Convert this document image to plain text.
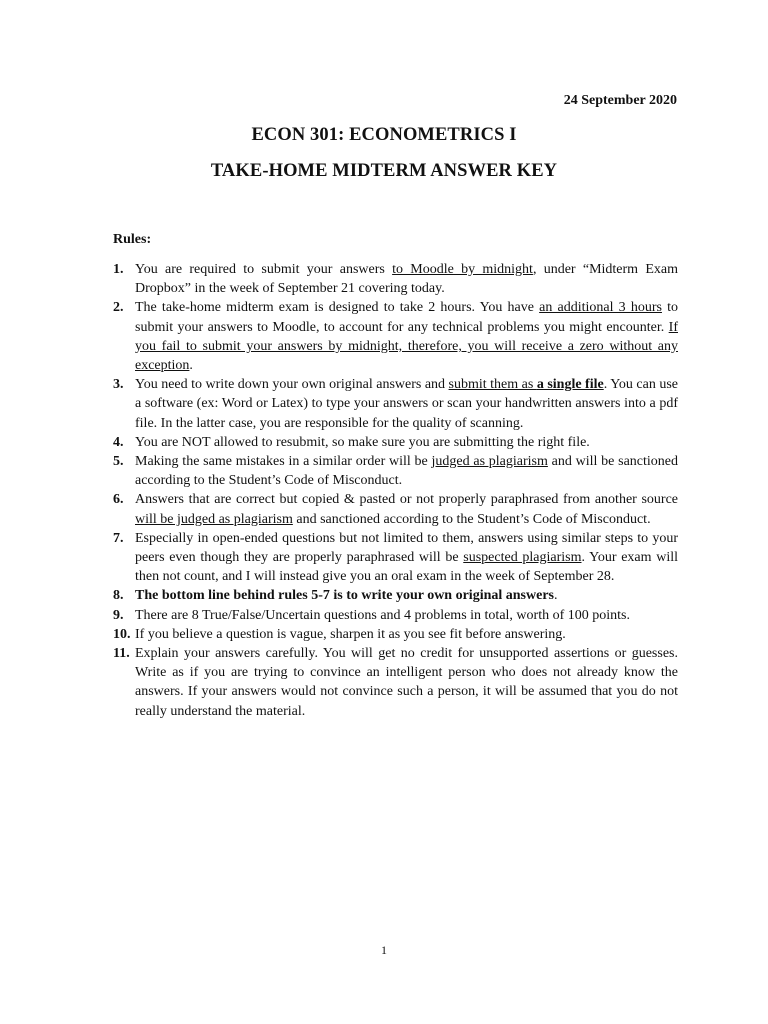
24 September 2020
ECON 301: ECONOMETRICS I
TAKE-HOME MIDTERM ANSWER KEY
Rules:
1. You are required to submit your answers to Moodle by midnight, under “Midterm Exam Dropbox” in the week of September 21 covering today.
2. The take-home midterm exam is designed to take 2 hours. You have an additional 3 hours to submit your answers to Moodle, to account for any technical problems you might encounter. If you fail to submit your answers by midnight, therefore, you will receive a zero without any exception.
3. You need to write down your own original answers and submit them as a single file. You can use a software (ex: Word or Latex) to type your answers or scan your handwritten answers into a pdf file. In the latter case, you are responsible for the quality of scanning.
4. You are NOT allowed to resubmit, so make sure you are submitting the right file.
5. Making the same mistakes in a similar order will be judged as plagiarism and will be sanctioned according to the Student’s Code of Misconduct.
6. Answers that are correct but copied & pasted or not properly paraphrased from another source will be judged as plagiarism and sanctioned according to the Student’s Code of Misconduct.
7. Especially in open-ended questions but not limited to them, answers using similar steps to your peers even though they are properly paraphrased will be suspected plagiarism. Your exam will then not count, and I will instead give you an oral exam in the week of September 28.
8. The bottom line behind rules 5-7 is to write your own original answers.
9. There are 8 True/False/Uncertain questions and 4 problems in total, worth of 100 points.
10. If you believe a question is vague, sharpen it as you see fit before answering.
11. Explain your answers carefully. You will get no credit for unsupported assertions or guesses. Write as if you are trying to convince an intelligent person who does not already know the answers. If your answers would not convince such a person, it will be assumed that you do not really understand the material.
1
